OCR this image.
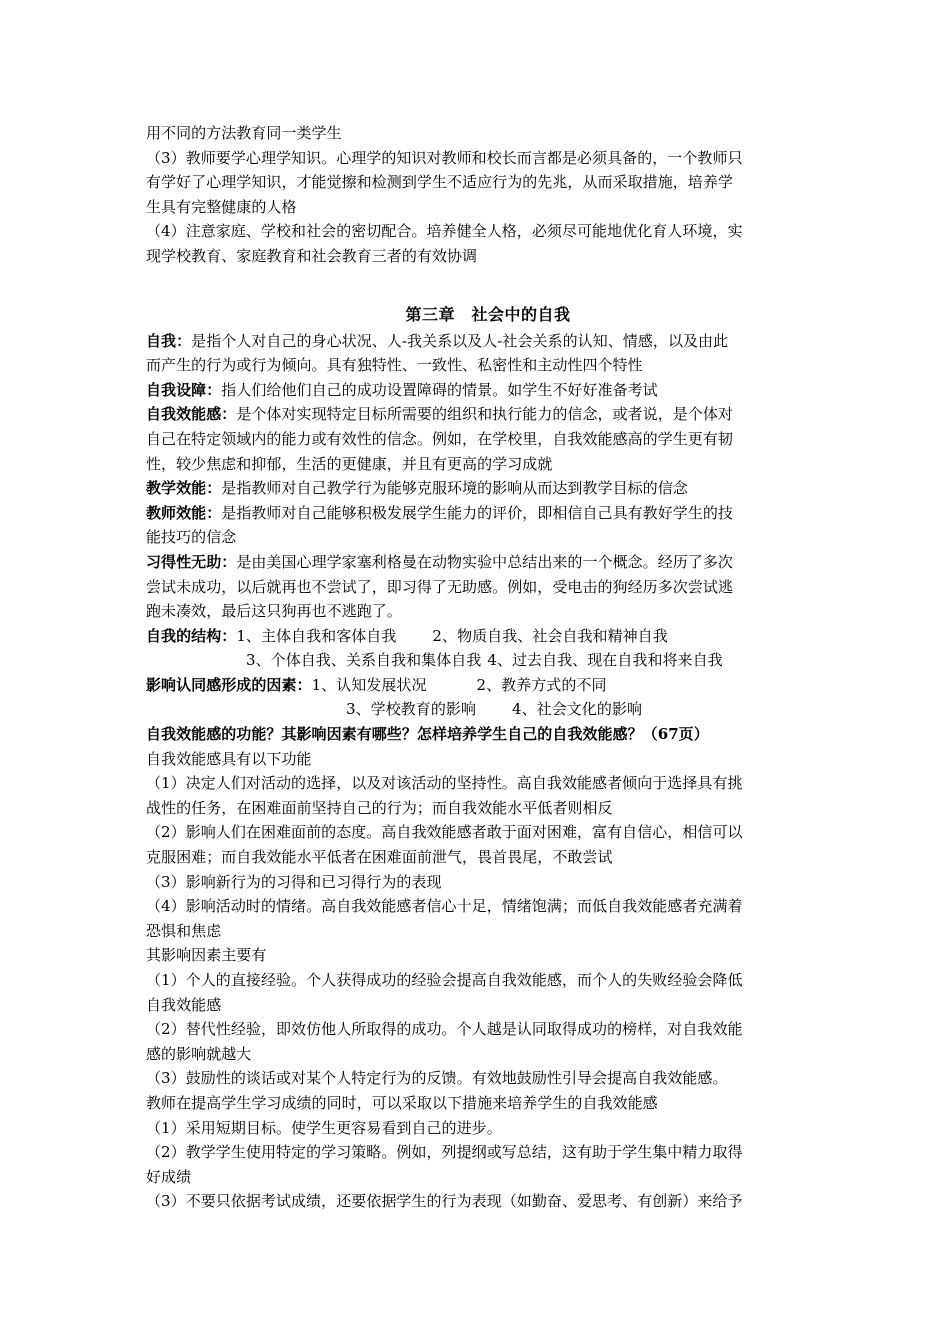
用不同的方法教育同一类学生
（3）教师要学心理学知识。心理学的知识对教师和校长而言都是必须具备的，一个教师只
有学好了心理学知识，才能觉擦和检测到学生不适应行为的先兆，从而采取措施，培养学
生具有完整健康的人格
（4）注意家庭、学校和社会的密切配合。培养健全人格，必须尽可能地优化育人环境，实
现学校教育、家庭教育和社会教育三者的有效协调
第三章　社会中的自我
自我：是指个人对自己的身心状况、人-我关系以及人-社会关系的认知、情感，以及由此
而产生的行为或行为倾向。具有独特性、一致性、私密性和主动性四个特性
自我设障：指人们给他们自己的成功设置障碍的情景。如学生不好好准备考试
自我效能感：是个体对实现特定目标所需要的组织和执行能力的信念，或者说，是个体对
自己在特定领域内的能力或有效性的信念。例如，在学校里，自我效能感高的学生更有韧
性，较少焦虑和抑郁，生活的更健康，并且有更高的学习成就
教学效能：是指教师对自己教学行为能够克服环境的影响从而达到教学目标的信念
教师效能：是指教师对自己能够积极发展学生能力的评价，即相信自己具有教好学生的技
能技巧的信念
习得性无助：是由美国心理学家塞利格曼在动物实验中总结出来的一个概念。经历了多次
尝试未成功，以后就再也不尝试了，即习得了无助感。例如，受电击的狗经历多次尝试逃
跑未凑效，最后这只狗再也不逃跑了。
自我的结构：1、主体自我和客体自我 2、物质自我、社会自我和精神自我
3、个体自我、关系自我和集体自我 4、过去自我、现在自我和将来自我
影响认同感形成的因素：1、认知发展状况	2、教养方式的不同
3、学校教育的影响 4、社会文化的影响
自我效能感的功能？其影响因素有哪些？怎样培养学生自己的自我效能感？（67页）
自我效能感具有以下功能
（1）决定人们对活动的选择，以及对该活动的坚持性。高自我效能感者倾向于选择具有挑
战性的任务，在困难面前坚持自己的行为；而自我效能水平低者则相反
（2）影响人们在困难面前的态度。高自我效能感者敢于面对困难，富有自信心，相信可以
克服困难；而自我效能水平低者在困难面前泄气，畏首畏尾，不敢尝试
（3）影响新行为的习得和已习得行为的表现
（4）影响活动时的情绪。高自我效能感者信心十足，情绪饱满；而低自我效能感者充满着
恐惧和焦虑
其影响因素主要有
（1）个人的直接经验。个人获得成功的经验会提高自我效能感，而个人的失败经验会降低
自我效能感
（2）替代性经验，即效仿他人所取得的成功。个人越是认同取得成功的榜样，对自我效能
感的影响就越大
（3）鼓励性的谈话或对某个人特定行为的反馈。有效地鼓励性引导会提高自我效能感。
教师在提高学生学习成绩的同时，可以采取以下措施来培养学生的自我效能感
（1）采用短期目标。使学生更容易看到自己的进步。
（2）教学学生使用特定的学习策略。例如，列提纲或写总结，这有助于学生集中精力取得
好成绩
（3）不要只依据考试成绩，还要依据学生的行为表现（如勤奋、爱思考、有创新）来给予
